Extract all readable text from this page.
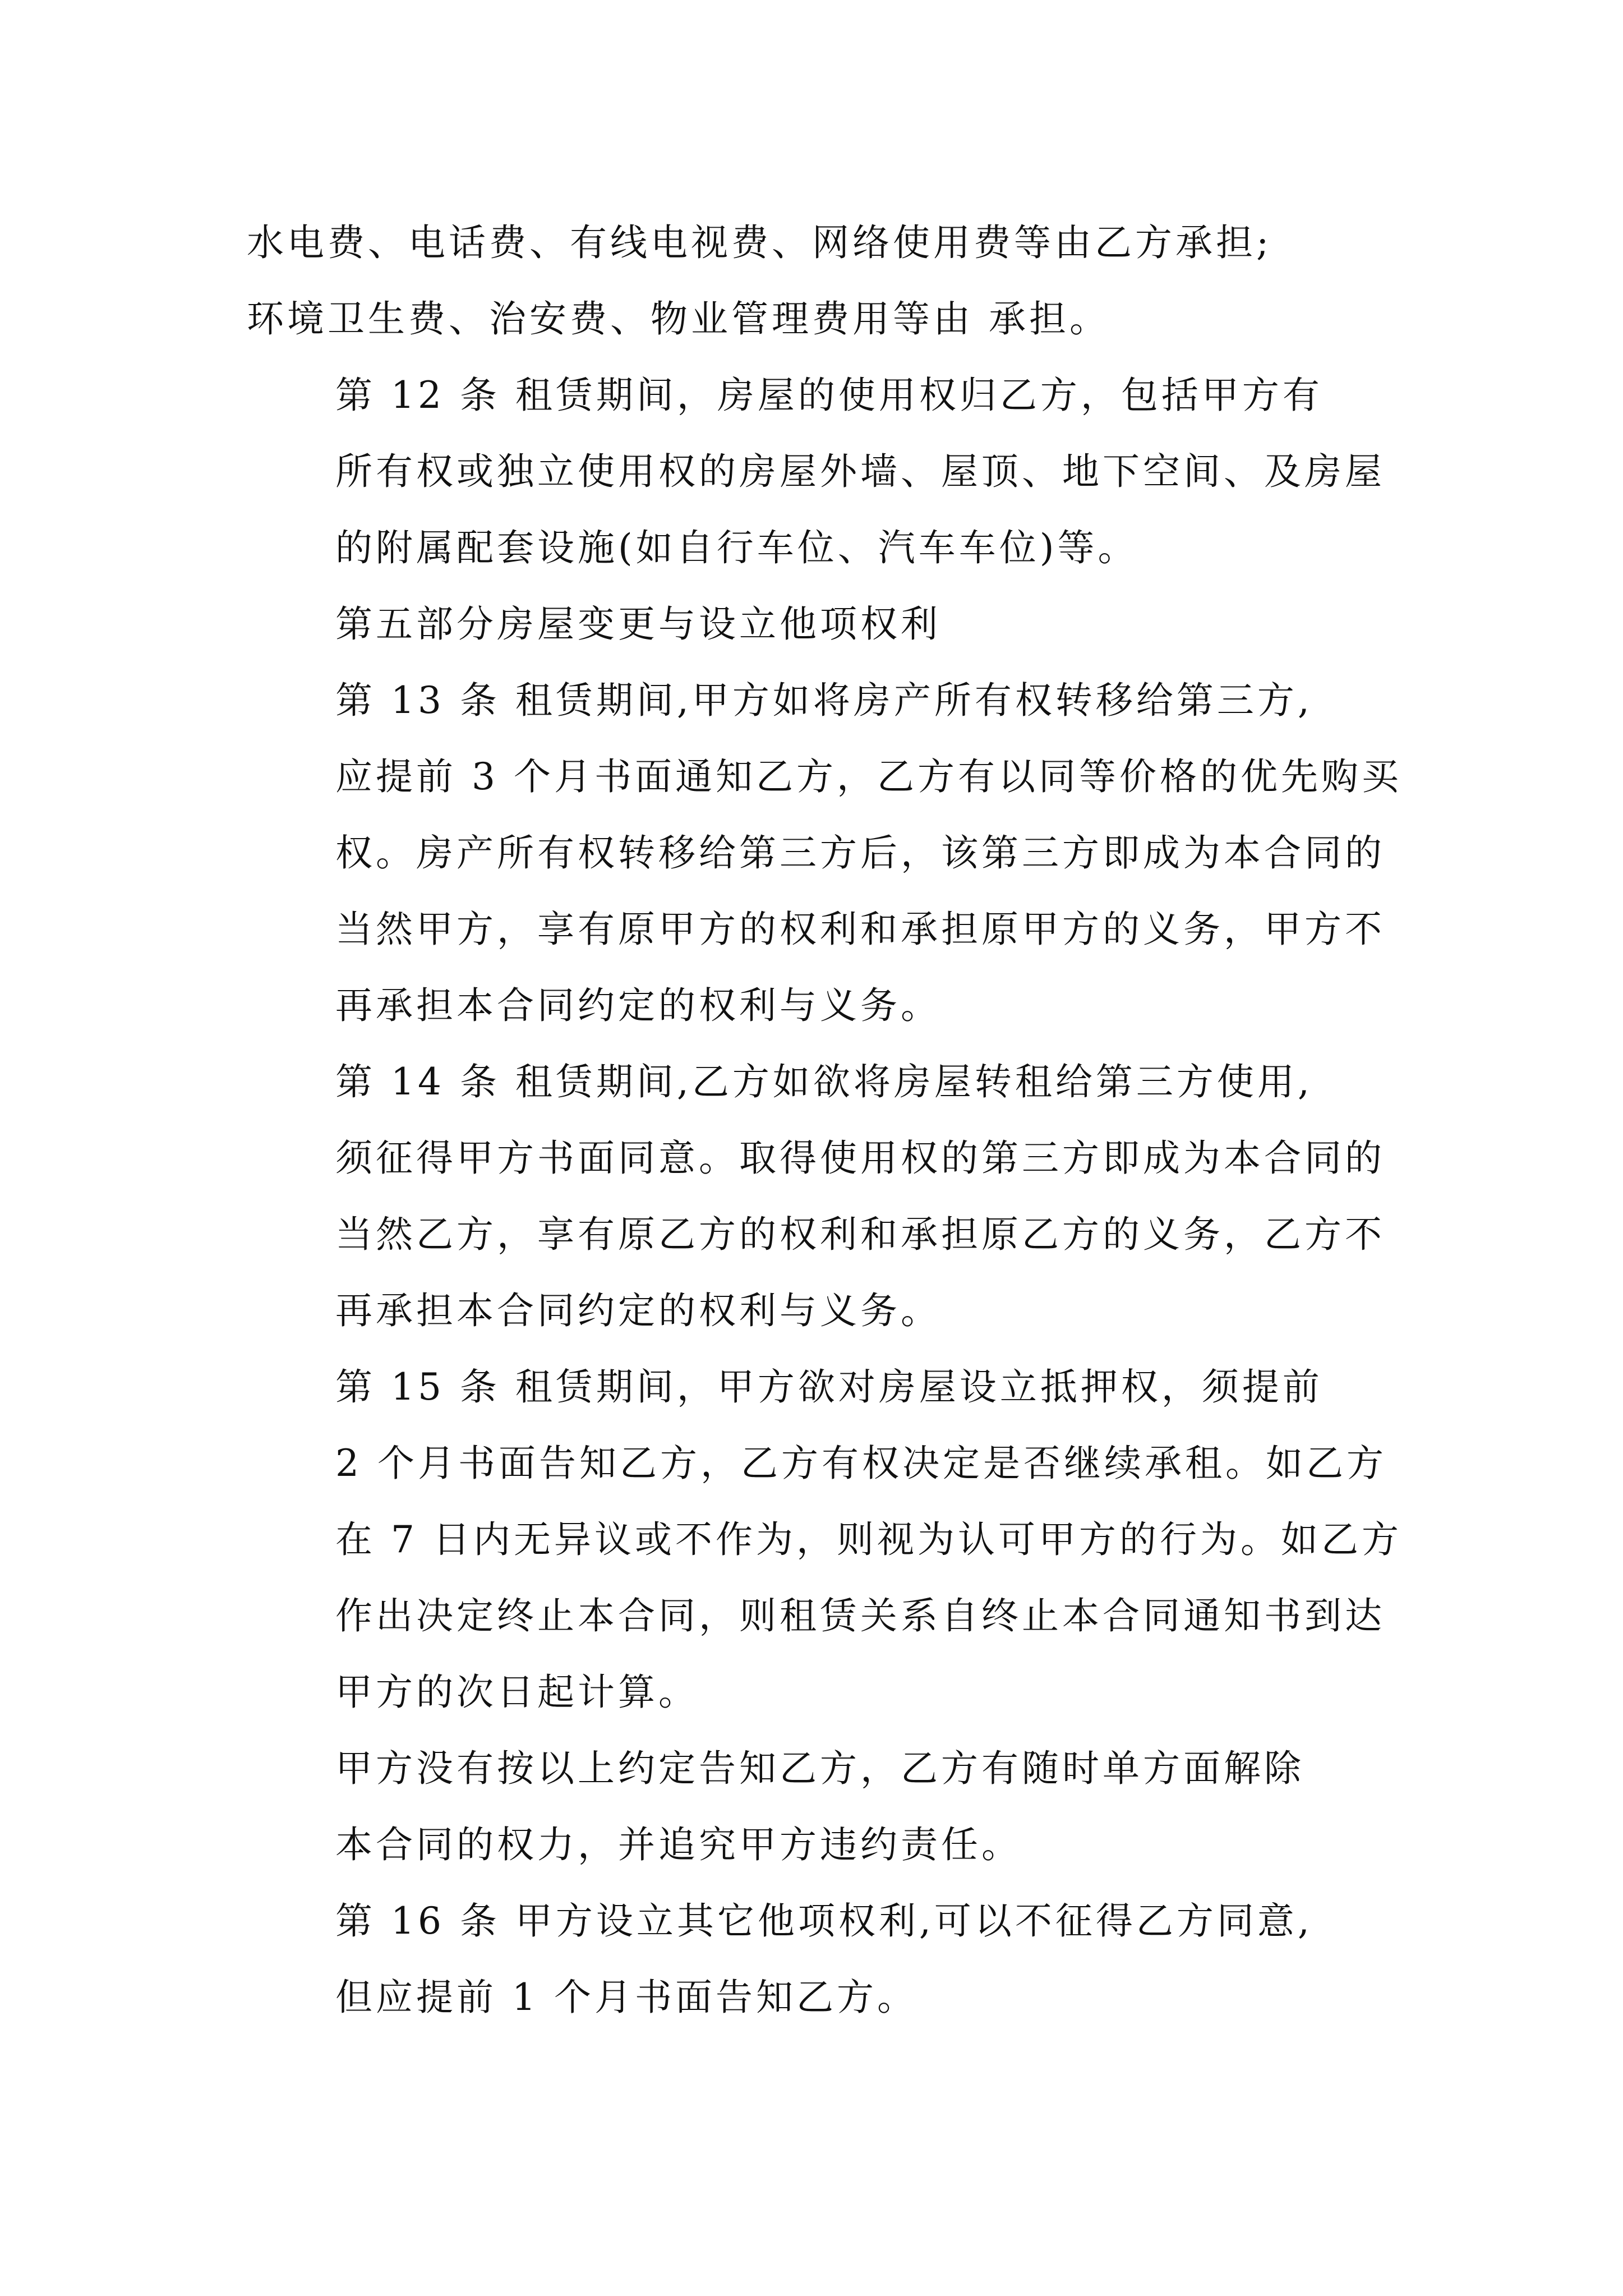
水电费、电话费、有线电视费、网络使用费等由乙方承担;
环境卫生费、治安费、物业管理费用等由 承担。

第 12 条 租赁期间，房屋的使用权归乙方，包括甲方有
所有权或独立使用权的房屋外墙、屋顶、地下空间、及房屋
的附属配套设施(如自行车位、汽车车位)等。

第五部分房屋变更与设立他项权利

第 13 条 租赁期间,甲方如将房产所有权转移给第三方,
应提前 3 个月书面通知乙方，乙方有以同等价格的优先购买
权。房产所有权转移给第三方后，该第三方即成为本合同的
当然甲方，享有原甲方的权利和承担原甲方的义务，甲方不
再承担本合同约定的权利与义务。

第 14 条 租赁期间,乙方如欲将房屋转租给第三方使用,
须征得甲方书面同意。取得使用权的第三方即成为本合同的
当然乙方，享有原乙方的权利和承担原乙方的义务，乙方不
再承担本合同约定的权利与义务。

第 15 条 租赁期间，甲方欲对房屋设立抵押权，须提前
2 个月书面告知乙方，乙方有权决定是否继续承租。如乙方
在 7 日内无异议或不作为，则视为认可甲方的行为。如乙方
作出决定终止本合同，则租赁关系自终止本合同通知书到达
甲方的次日起计算。

甲方没有按以上约定告知乙方，乙方有随时单方面解除
本合同的权力，并追究甲方违约责任。

第 16 条 甲方设立其它他项权利,可以不征得乙方同意,
但应提前 1 个月书面告知乙方。
